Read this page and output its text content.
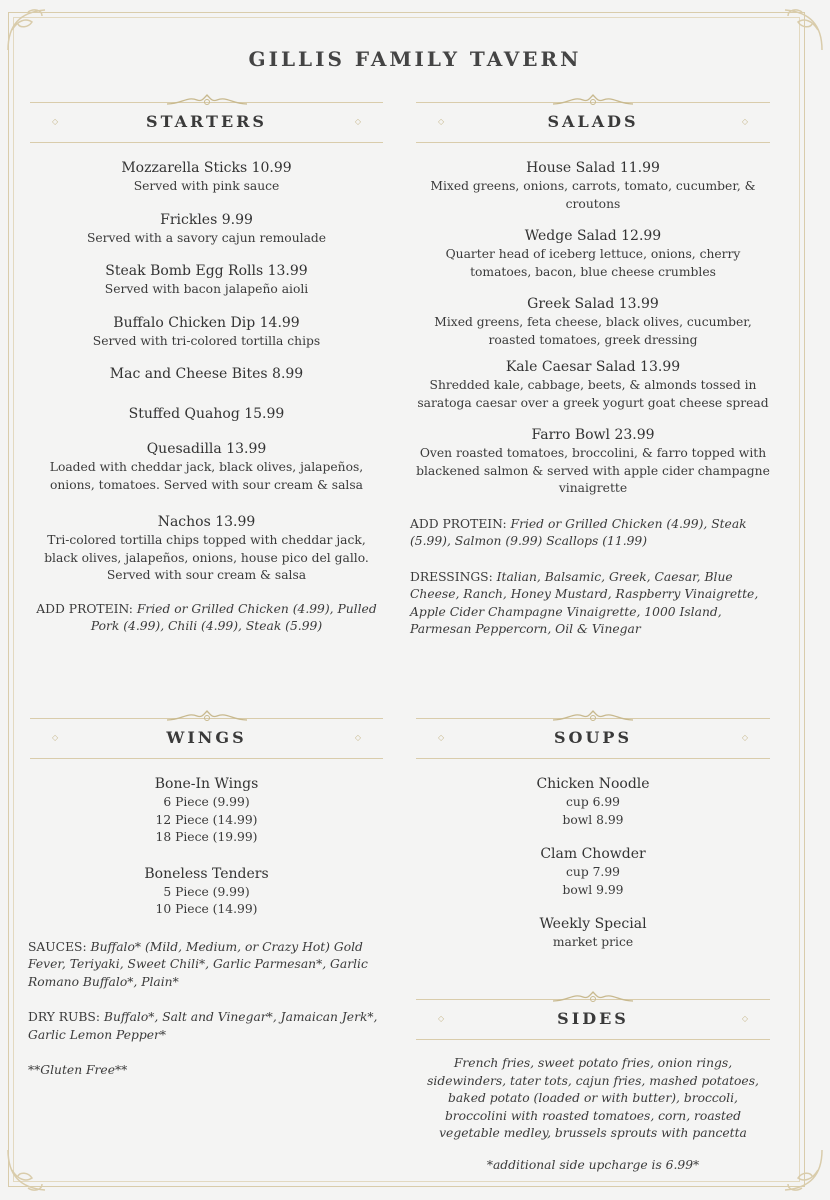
GILLIS FAMILY TAVERN
◇	◇
STARTERS
Mozzarella Sticks 10.99
Served with pink sauce
Frickles 9.99
Served with a savory cajun remoulade
Steak Bomb Egg Rolls 13.99
Served with bacon jalapeño aioli
Buffalo Chicken Dip 14.99
Served with tri-colored tortilla chips
Mac and Cheese Bites 8.99
Stuffed Quahog 15.99
Quesadilla 13.99
Loaded with cheddar jack, black olives, jalapeños, onions, tomatoes. Served with sour cream & salsa
Nachos 13.99
Tri-colored tortilla chips topped with cheddar jack, black olives, jalapeños, onions, house pico del gallo. Served with sour cream & salsa
ADD PROTEIN: Fried or Grilled Chicken (4.99), Pulled Pork (4.99), Chili (4.99), Steak (5.99)
◇	◇
SALADS
House Salad 11.99
Mixed greens, onions, carrots, tomato, cucumber, & croutons
Wedge Salad 12.99
Quarter head of iceberg lettuce, onions, cherry tomatoes, bacon, blue cheese crumbles
Greek Salad 13.99
Mixed greens, feta cheese, black olives, cucumber, roasted tomatoes, greek dressing
Kale Caesar Salad 13.99
Shredded kale, cabbage, beets, & almonds tossed in saratoga caesar over a greek yogurt goat cheese spread
Farro Bowl 23.99
Oven roasted tomatoes, broccolini, & farro topped with blackened salmon & served with apple cider champagne vinaigrette
ADD PROTEIN: Fried or Grilled Chicken (4.99), Steak (5.99), Salmon (9.99) Scallops (11.99)
DRESSINGS: Italian, Balsamic, Greek, Caesar, Blue Cheese, Ranch, Honey Mustard, Raspberry Vinaigrette, Apple Cider Champagne Vinaigrette, 1000 Island, Parmesan Peppercorn, Oil & Vinegar
◇	◇
WINGS
Bone-In Wings
6 Piece (9.99)
12 Piece (14.99)
18 Piece (19.99)
Boneless Tenders
5 Piece (9.99)
10 Piece (14.99)
SAUCES: Buffalo* (Mild, Medium, or Crazy Hot) Gold Fever, Teriyaki, Sweet Chili*, Garlic Parmesan*, Garlic Romano Buffalo*, Plain*
DRY RUBS: Buffalo*, Salt and Vinegar*, Jamaican Jerk*, Garlic Lemon Pepper*
**Gluten Free**
◇	◇
SOUPS
Chicken Noodle
cup 6.99
bowl 8.99
Clam Chowder
cup 7.99
bowl 9.99
Weekly Special
market price
◇	◇
SIDES
French fries, sweet potato fries, onion rings, sidewinders, tater tots, cajun fries, mashed potatoes, baked potato (loaded or with butter), broccoli, broccolini with roasted tomatoes, corn, roasted vegetable medley, brussels sprouts with pancetta
*additional side upcharge is 6.99*
